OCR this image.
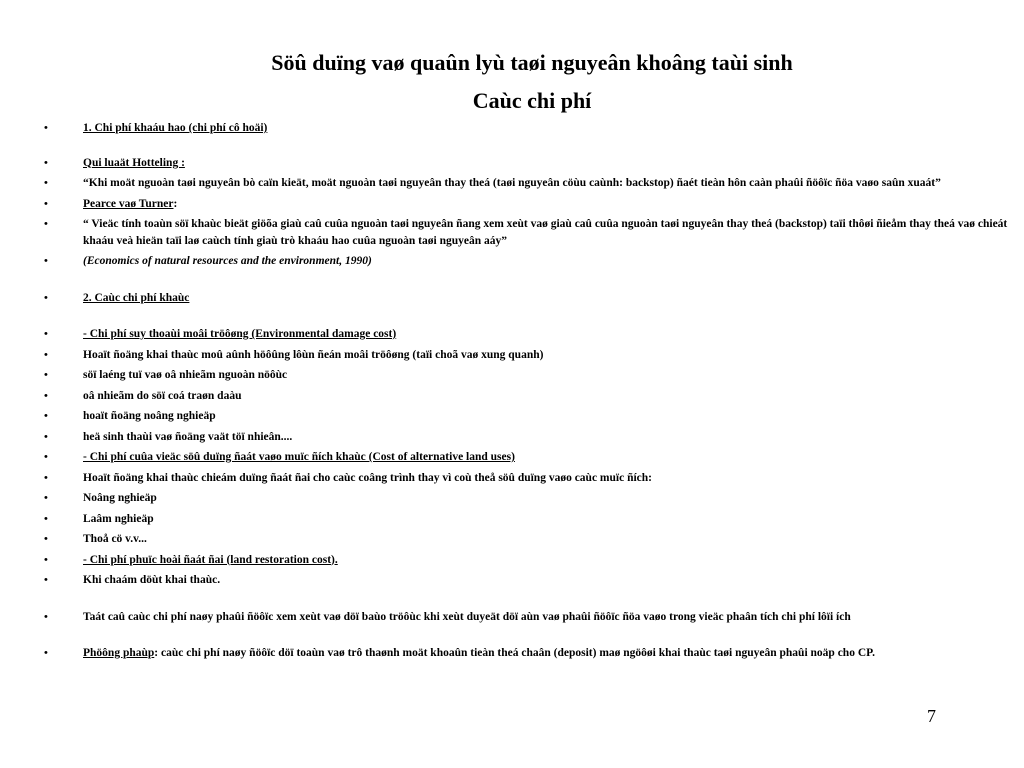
Söû duïng vaø quaûn lyù taøi nguyeân khoâng taùi sinh
Caùc chi phí
•	1. Chi phí khaáu hao (chi phí cô hoäi)
•	Qui luaät Hotteling :
•	“Khi moät nguoàn taøi nguyeân bò caïn kieät, moät nguoàn taøi nguyeân thay theá (taøi nguyeân cöùu caùnh: backstop) ñaét tieàn hôn caàn phaûi ñöôïc ñöa vaøo saûn xuaát”
•	Pearce vaø Turner:
•	“ Vieäc tính toaùn söï khaùc bieät giöõa giaù caû cuûa nguoàn taøi nguyeân ñang xem xeùt vaø giaù caû cuûa nguoàn taøi nguyeân thay theá (backstop) taïi thôøi ñieåm thay theá vaø chieát khaáu veà hieän taïi laø caùch tính giaù trò khaáu hao cuûa nguoàn taøi nguyeân aáy”
•	(Economics of natural resources and the environment, 1990)
•	2. Caùc chi phí khaùc
•	- Chi phí suy thoaùi moâi tröôøng (Environmental damage cost)
•	Hoaït ñoäng khai thaùc moû aûnh höôûng lôùn ñeán moâi tröôøng (taïi choã vaø xung quanh)
•	söï laéng tuï vaø oâ nhieãm nguoàn nöôùc
•	oâ nhieãm do söï coá traøn daàu
•	hoaït ñoäng noâng nghieäp
•	heä sinh thaùi vaø ñoäng vaät töï nhieân....
•	- Chi phí cuûa vieäc söû duïng ñaát vaøo muïc ñích khaùc (Cost of alternative land uses)
•	Hoaït ñoäng khai thaùc chieám duïng ñaát ñai cho caùc coâng trình thay vì coù theå söû duïng vaøo caùc muïc ñích:
•	Noâng nghieäp
•	Laâm nghieäp
•	Thoå cö v.v...
•	- Chi phí phuïc hoài ñaát ñai (land restoration cost).
•	Khi chaám döùt khai thaùc.
•	Taát caû caùc chi phí naøy phaûi ñöôïc xem xeùt vaø döï baùo tröôùc khi xeùt duyeät döï aùn vaø phaûi ñöôïc ñöa vaøo trong vieäc phaân tích chi phí lôïi ích
•	Phöông phaùp: caùc chi phí naøy ñöôïc döï toaùn vaø trô thaønh moät khoaûn tieàn theá chaân (deposit) maø ngöôøi khai thaùc taøi nguyeân phaûi noäp cho CP.
7
